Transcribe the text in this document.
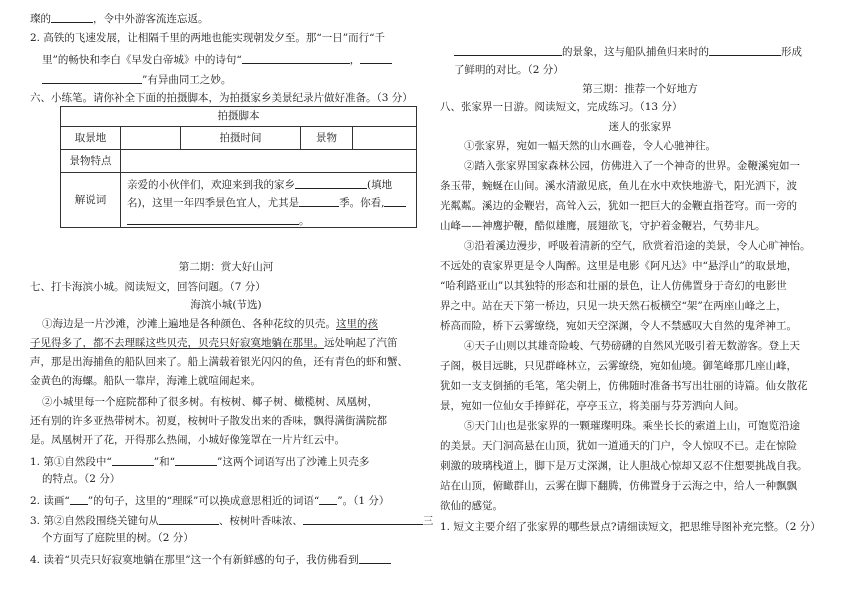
璨的	，令中外游客流连忘返。
2. 高铁的飞速发展，让相隔千里的两地也能实现朝发夕至。那“一日”而行“千
里”的畅快和李白《早发白帝城》中的诗句“	，
”有异曲同工之妙。
六、小练笔。请你补全下面的拍摄脚本，为拍摄家乡美景纪录片做好准备。（3 分）
拍摄脚本				
取景地		拍摄时间	景物	
景物特点				
解说词	亲爱的小伙伴们，欢迎来到我的家乡 (填地
名)，这里一年四季景色宜人，尤其是 季。你看,
。			
第二期：赏大好山河
七、打卡海滨小城。阅读短文，回答问题。（7 分）
海滨小城(节选)
①海边是一片沙滩，沙滩上遍地是各种颜色、各种花纹的贝壳。这里的孩
子见得多了，都不去理睬这些贝壳，贝壳只好寂寞地躺在那里。远处响起了汽笛
声，那是出海捕鱼的船队回来了。船上满载着银光闪闪的鱼，还有青色的虾和蟹、
金黄色的海螺。船队一靠岸，海滩上就喧闹起来。
②小城里每一个庭院都种了很多树。有桉树、椰子树、橄榄树、凤凰树，
还有别的许多亚热带树木。初夏，桉树叶子散发出来的香味，飘得满街满院都
是。凤凰树开了花，开得那么热闹，小城好像笼罩在一片片红云中。
1. 第①自然段中“	”和“	”这两个词语写出了沙滩上贝壳多
的特点。（2 分）
2. 读画“ ”的句子，这里的“理睬”可以换成意思相近的词语“ ”。（1 分）
3. 第②自然段围绕关键句从	、桉树叶香味浓、	三
个方面写了庭院里的树。（2 分）
4. 读着“贝壳只好寂寞地躺在那里”这一个有新鲜感的句子，我仿佛看到
的景象，这与船队捕鱼归来时的	形成
了鲜明的对比。（2 分）
第三期：推荐一个好地方
八、张家界一日游。阅读短文，完成练习。（13 分）
迷人的张家界
①张家界，宛如一幅天然的山水画卷，令人心驰神往。
②踏入张家界国家森林公园，仿佛进入了一个神奇的世界。金鞭溪宛如一
条玉带，蜿蜒在山间。溪水清澈见底，鱼儿在水中欢快地游弋，阳光洒下，波
光粼粼。溪边的金鞭岩，高耸入云，犹如一把巨大的金鞭直指苍穹。而一旁的
山峰——神鹰护鞭，酷似雄鹰，展翅欲飞，守护着金鞭岩，气势非凡。
③沿着溪边漫步，呼吸着清新的空气，欣赏着沿途的美景，令人心旷神怡。
不远处的袁家界更是令人陶醉。这里是电影《阿凡达》中“悬浮山”的取景地，
“哈利路亚山”以其独特的形态和壮丽的景色，让人仿佛置身于奇幻的电影世
界之中。站在天下第一桥边，只见一块天然石板横空“架”在两座山峰之上，
桥高而险，桥下云雾缭绕，宛如天空深渊，令人不禁感叹大自然的鬼斧神工。
④天子山则以其雄奇险峻、气势磅礴的自然风光吸引着无数游客。登上天
子阁，极目远眺，只见群峰林立，云雾缭绕，宛如仙境。御笔峰那几座山峰，
犹如一支支倒插的毛笔，笔尖朝上，仿佛随时准备书写出壮丽的诗篇。仙女散花
景，宛如一位仙女手捧鲜花，亭亭玉立，将美丽与芬芳洒向人间。
⑤天门山也是张家界的一颗璀璨明珠。乘坐长长的索道上山，可饱览沿途
的美景。天门洞高悬在山顶，犹如一道通天的门户，令人惊叹不已。走在惊险
刺激的玻璃栈道上，脚下是万丈深渊，让人胆战心惊却又忍不住想要挑战自我。
站在山顶，俯瞰群山，云雾在脚下翻腾，仿佛置身于云海之中，给人一种飘飘
欲仙的感觉。
1. 短文主要介绍了张家界的哪些景点?请细读短文，把思维导图补充完整。（2 分）
